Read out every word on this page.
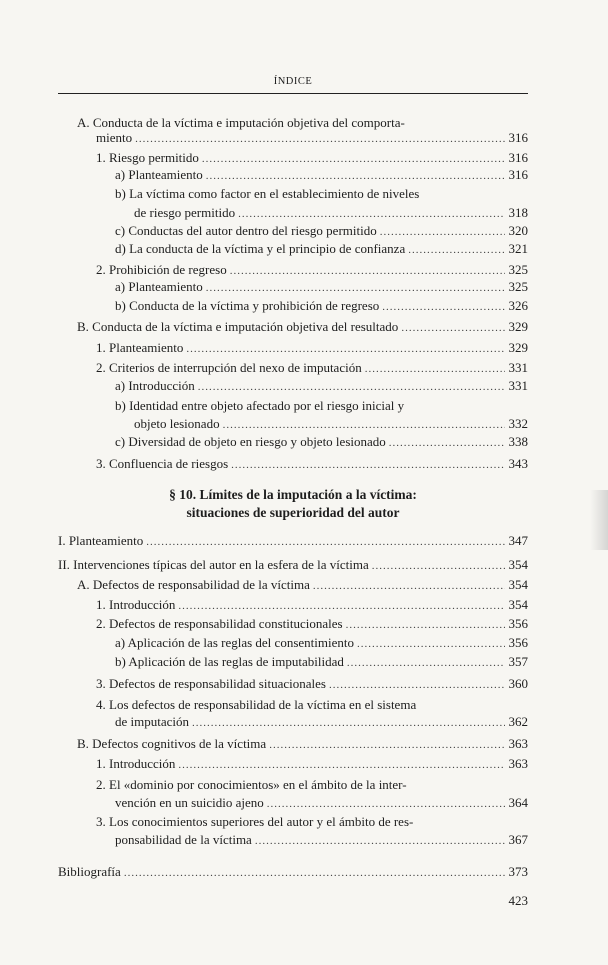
ÍNDICE
A. Conducta de la víctima e imputación objetiva del comporta-
miento .....	316
1. Riesgo permitido .....	316
a) Planteamiento .....	316
b) La víctima como factor en el establecimiento de niveles
de riesgo permitido .....	318
c) Conductas del autor dentro del riesgo permitido .....	320
d) La conducta de la víctima y el principio de confianza .....	321
2. Prohibición de regreso .....	325
a) Planteamiento .....	325
b) Conducta de la víctima y prohibición de regreso .....	326
B. Conducta de la víctima e imputación objetiva del resultado .....	329
1. Planteamiento .....	329
2. Criterios de interrupción del nexo de imputación .....	331
a) Introducción .....	331
b) Identidad entre objeto afectado por el riesgo inicial y
objeto lesionado .....	332
c) Diversidad de objeto en riesgo y objeto lesionado .....	338
3. Confluencia de riesgos .....	343
§ 10. Límites de la imputación a la víctima:
situaciones de superioridad del autor
I. Planteamiento .....	347
II. Intervenciones típicas del autor en la esfera de la víctima .....	354
A. Defectos de responsabilidad de la víctima .....	354
1. Introducción .....	354
2. Defectos de responsabilidad constitucionales .....	356
a) Aplicación de las reglas del consentimiento .....	356
b) Aplicación de las reglas de imputabilidad .....	357
3. Defectos de responsabilidad situacionales .....	360
4. Los defectos de responsabilidad de la víctima en el sistema
de imputación .....	362
B. Defectos cognitivos de la víctima .....	363
1. Introducción .....	363
2. El «dominio por conocimientos» en el ámbito de la inter-
vención en un suicidio ajeno .....	364
3. Los conocimientos superiores del autor y el ámbito de res-
ponsabilidad de la víctima .....	367
Bibliografía .....	373
423
